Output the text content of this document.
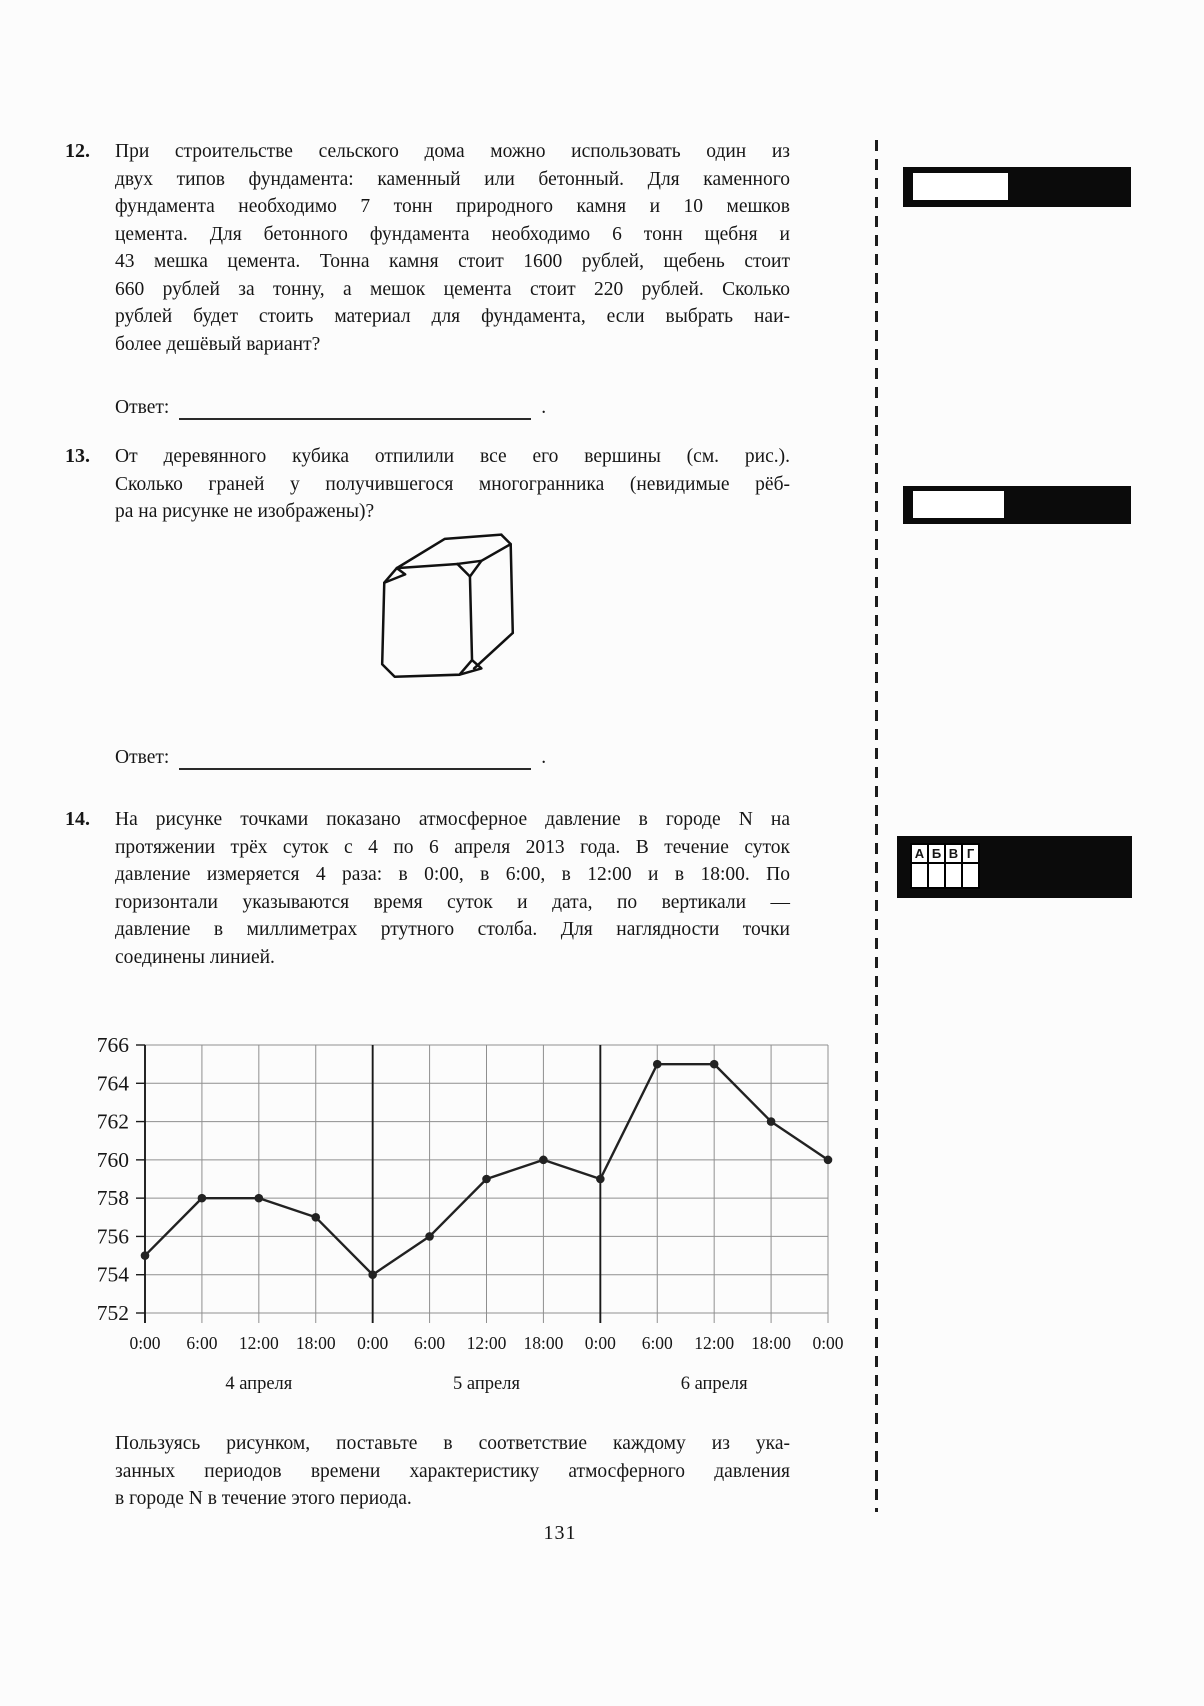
12.	При строительстве сельского дома можно использовать один из
двух типов фундамента: каменный или бетонный. Для каменного
фундамента необходимо 7 тонн природного камня и 10 мешков
цемента. Для бетонного фундамента необходимо 6 тонн щебня и
43 мешка цемента. Тонна камня стоит 1600 рублей, щебень стоит
660 рублей за тонну, а мешок цемента стоит 220 рублей. Сколько
рублей будет стоить материал для фундамента, если выбрать наи-
более дешёвый вариант?
Ответ:	.
13.	От деревянного кубика отпилили все его вершины (см. рис.).
Сколько граней у получившегося многогранника (невидимые рёб-
ра на рисунке не изображены)?
Ответ:	.
14.	На рисунке точками показано атмосферное давление в городе N на
протяжении трёх суток с 4 по 6 апреля 2013 года. В течение суток
давление измеряется 4 раза: в 0:00, в 6:00, в 12:00 и в 18:00. По
горизонтали указываются время суток и дата, по вертикали —
давление в миллиметрах ртутного столба. Для наглядности точки
соединены линией.
752
754
756
758
760
762
764
766
0:00 6:00 12:00 18:00 0:00 6:00 12:00 18:00 0:00 6:00 12:00 18:00 0:00
4 апреля	5 апреля	6 апреля
Пользуясь рисунком, поставьте в соответствие каждому из ука-
занных периодов времени характеристику атмосферного давления
в городе N в течение этого периода.
131
А	Б	В	Г
